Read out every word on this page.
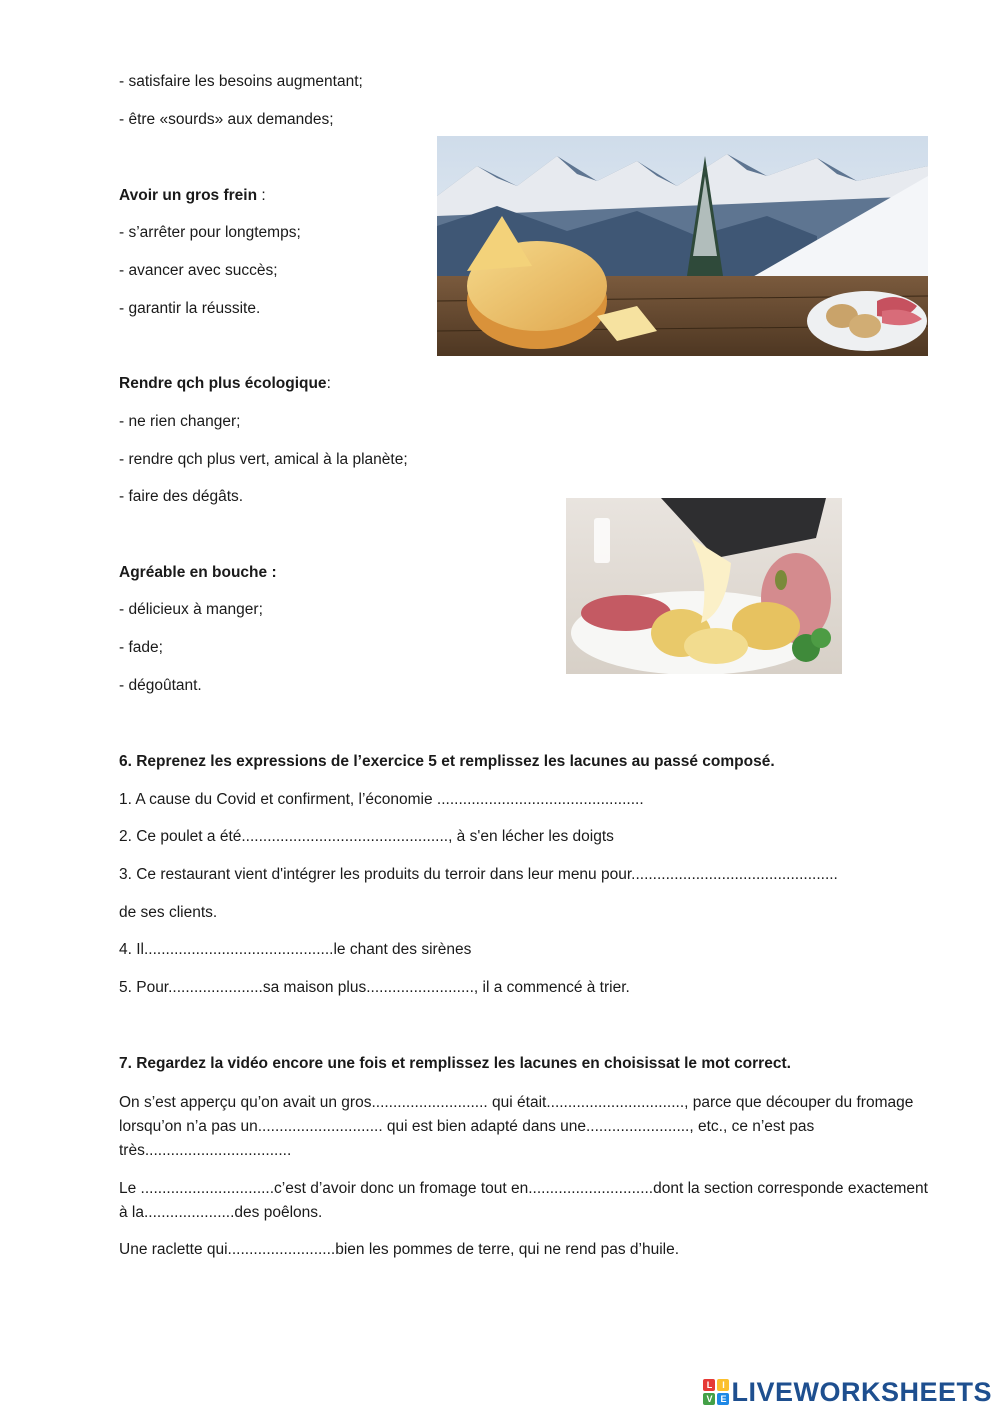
- satisfaire les besoins augmentant;
- être «sourds» aux demandes;
Avoir un gros frein :
- s’arrêter pour longtemps;
- avancer avec succès;
- garantir la réussite.
Rendre qch plus écologique:
- ne rien changer;
- rendre qch plus vert, amical à la planète;
- faire des dégâts.
Agréable en bouche :
- délicieux à manger;
- fade;
- dégoûtant.
6. Reprenez les expressions de l’exercice 5 et remplissez les lacunes au passé composé.
1. A cause du Covid et confirment, l’économie ................................................
2. Ce poulet a été................................................, à s'en lécher les doigts
3. Ce restaurant vient d'intégrer les produits du terroir dans leur menu pour................................................
de ses clients.
4. Il............................................le chant des sirènes
5. Pour......................sa maison plus........................., il a commencé à trier.
7. Regardez la vidéo encore une fois et remplissez les lacunes en choisissat le mot correct.
On s’est apperçu qu’on avait un gros........................... qui était................................, parce que découper du fromage lorsqu’on n’a pas un............................. qui est bien adapté dans une........................, etc., ce n’est pas très..................................
Le ...............................c’est d’avoir donc un fromage tout en.............................dont la section corresponde exactement à la.....................des poêlons.
Une raclette qui.........................bien les pommes de terre, qui ne rend pas d’huile.
L	I
V E LIVEWORKSHEETS
